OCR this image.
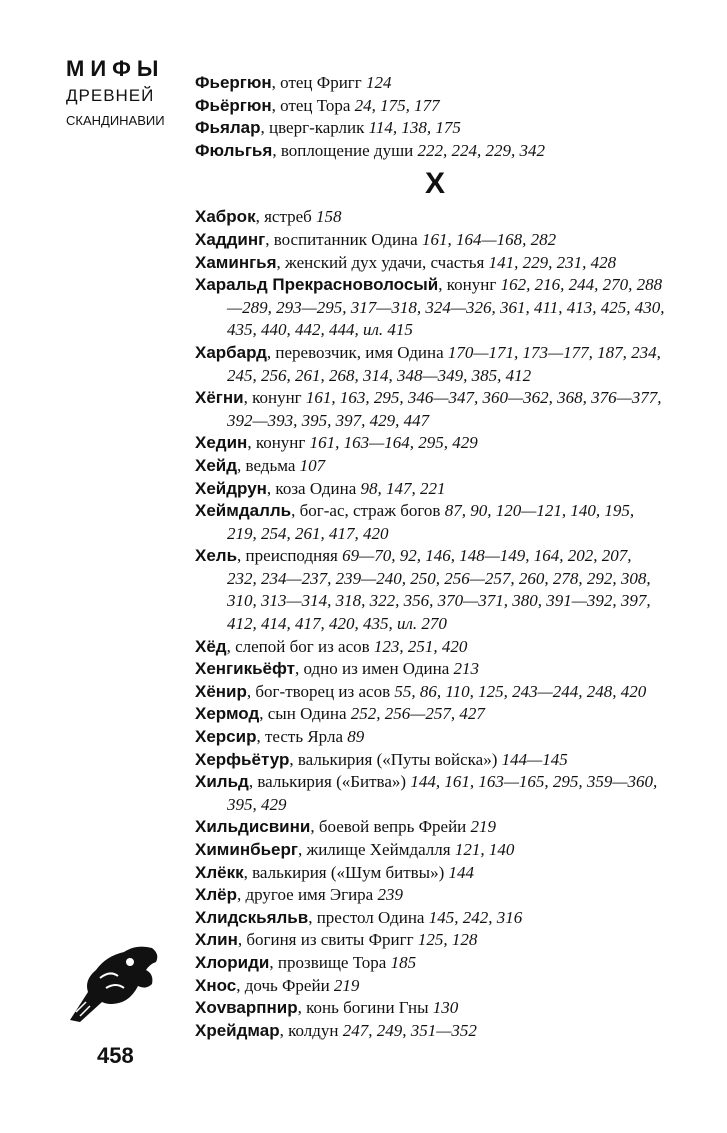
МИФЫ
ДРЕВНЕЙ
СКАНДИНАВИИ
Фьергюн, отец Фригг 124
Фьёргюн, отец Тора 24, 175, 177
Фьялар, цверг-карлик 114, 138, 175
Фюльгья, воплощение души 222, 224, 229, 342
Х
Хаброк, ястреб 158
Хаддинг, воспитанник Одина 161, 164—168, 282
Хамингья, женский дух удачи, счастья 141, 229, 231, 428
Харальд Прекрасноволосый, конунг 162, 216, 244, 270, 288—289, 293—295, 317—318, 324—326, 361, 411, 413, 425, 430, 435, 440, 442, 444, ил. 415
Харбард, перевозчик, имя Одина 170—171, 173—177, 187, 234, 245, 256, 261, 268, 314, 348—349, 385, 412
Хёгни, конунг 161, 163, 295, 346—347, 360—362, 368, 376—377, 392—393, 395, 397, 429, 447
Хедин, конунг 161, 163—164, 295, 429
Хейд, ведьма 107
Хейдрун, коза Одина 98, 147, 221
Хеймдалль, бог-ас, страж богов 87, 90, 120—121, 140, 195, 219, 254, 261, 417, 420
Хель, преисподняя 69—70, 92, 146, 148—149, 164, 202, 207, 232, 234—237, 239—240, 250, 256—257, 260, 278, 292, 308, 310, 313—314, 318, 322, 356, 370—371, 380, 391—392, 397, 412, 414, 417, 420, 435, ил. 270
Хёд, слепой бог из асов 123, 251, 420
Хенгикьёфт, одно из имен Одина 213
Хёнир, бог-творец из асов 55, 86, 110, 125, 243—244, 248, 420
Хермод, сын Одина 252, 256—257, 427
Херсир, тесть Ярла 89
Херфьётур, валькирия («Путы войска») 144—145
Хильд, валькирия («Битва») 144, 161, 163—165, 295, 359—360, 395, 429
Хильдисвини, боевой вепрь Фрейи 219
Химинбьерг, жилище Хеймдалля 121, 140
Хлёкк, валькирия («Шум битвы») 144
Хлёр, другое имя Эгира 239
Хлидскьяльв, престол Одина 145, 242, 316
Хлин, богиня из свиты Фригг 125, 128
Хлориди, прозвище Тора 185
Хнос, дочь Фрейи 219
Хovварпнир, конь богини Гны 130
Хрейдмар, колдун 247, 249, 351—352
458
